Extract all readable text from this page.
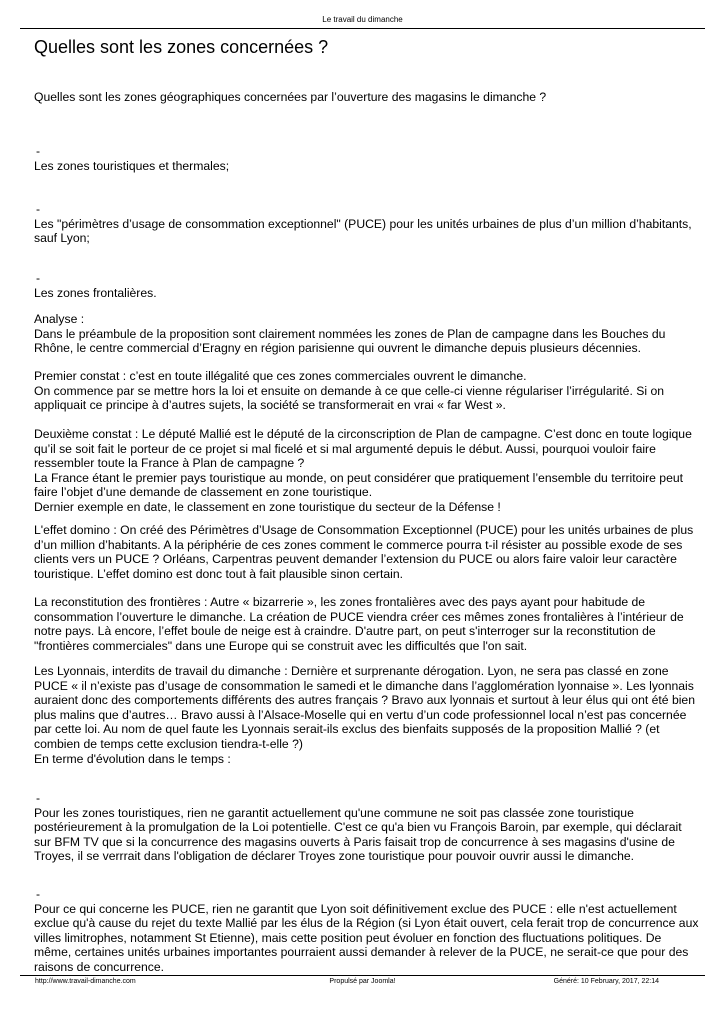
Le travail du dimanche
Quelles sont les zones concernées ?

Quelles sont les zones géographiques concernées par l’ouverture des magasins le dimanche ?

-

Les zones touristiques et thermales;

-

Les "périmètres d’usage de consommation exceptionnel" (PUCE) pour les unités urbaines de plus d’un million d’habitants, sauf Lyon;

-

Les zones frontalières.

Analyse :

Dans le préambule de la proposition sont clairement nommées les zones de Plan de campagne dans les Bouches du Rhône, le centre commercial d’Eragny en région parisienne qui ouvrent le dimanche depuis plusieurs décennies.

Premier constat : c’est en toute illégalité que ces zones commerciales ouvrent le dimanche.

On commence par se mettre hors la loi et ensuite on demande à ce que celle-ci vienne régulariser l’irrégularité. Si on appliquait ce principe à d’autres sujets, la société se transformerait en vrai « far West ».

Deuxième constat : Le député Mallié est le député de la circonscription de Plan de campagne. C’est donc en toute logique qu’il se soit fait le porteur de ce projet si mal ficelé et si mal argumenté depuis le début. Aussi, pourquoi vouloir faire ressembler toute la France à Plan de campagne ?

La France étant le premier pays touristique au monde, on peut considérer que pratiquement l’ensemble du territoire peut faire l’objet d’une demande de classement en zone touristique.

Dernier exemple en date, le classement en zone touristique du secteur de la Défense !

L'effet domino : On créé des Périmètres d’Usage de Consommation Exceptionnel (PUCE) pour les unités urbaines de plus d’un million d’habitants. A la périphérie de ces zones comment le commerce pourra t-il résister au possible exode de ses clients vers un PUCE ? Orléans, Carpentras peuvent demander l’extension du PUCE ou alors faire valoir leur caractère touristique. L’effet domino est donc tout à fait plausible sinon certain.

La reconstitution des frontières : Autre « bizarrerie », les zones frontalières avec des pays ayant pour habitude de consommation l’ouverture le dimanche. La création de PUCE viendra créer ces mêmes zones frontalières à l’intérieur de notre pays. Là encore, l’effet boule de neige est à craindre. D'autre part, on peut s'interroger sur la reconstitution de "frontières commerciales" dans une Europe qui se construit avec les difficultés que l'on sait.

Les Lyonnais, interdits de travail du dimanche : Dernière et surprenante dérogation. Lyon, ne sera pas classé en zone PUCE « il n’existe pas d’usage de consommation le samedi et le dimanche dans l’agglomération lyonnaise ». Les lyonnais auraient donc des comportements différents des autres français ? Bravo aux lyonnais et surtout à leur élus qui ont été bien plus malins que d’autres… Bravo aussi à l’Alsace-Moselle qui en vertu d’un code professionnel local n’est pas concernée par cette loi. Au nom de quel faute les Lyonnais serait-ils exclus des bienfaits supposés de la proposition Mallié ? (et combien de temps cette exclusion tiendra-t-elle ?)

En terme d'évolution dans le temps :

-

Pour les zones touristiques, rien ne garantit actuellement qu'une commune ne soit pas classée zone touristique postérieurement à la promulgation de la Loi potentielle. C'est ce qu'a bien vu François Baroin, par exemple, qui déclarait sur BFM TV que si la concurrence des magasins ouverts à Paris faisait trop de concurrence à ses magasins d'usine de Troyes, il se verrrait dans l'obligation de déclarer Troyes zone touristique pour pouvoir ouvrir aussi le dimanche.

-

Pour ce qui concerne les PUCE, rien ne garantit que Lyon soit définitivement exclue des PUCE : elle n'est actuellement exclue qu'à cause du rejet du texte Mallié par les élus de la Région (si Lyon était ouvert, cela ferait trop de concurrence aux villes limitrophes, notamment St Etienne), mais cette position peut évoluer en fonction des fluctuations politiques. De même, certaines unités urbaines importantes pourraient aussi demander à relever de la PUCE, ne serait-ce que pour des raisons de concurrence.

http://www.travail-dimanche.com	Propulsé par Joomla!	Généré: 10 February, 2017, 22:14
